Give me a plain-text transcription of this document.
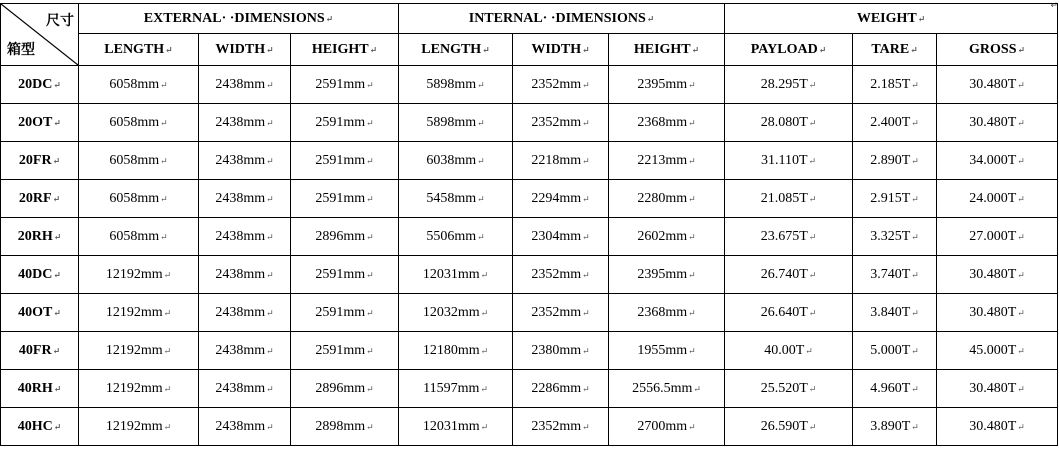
↵
尺寸
箱型	EXTERNAL· ·DIMENSIONS ↵			INTERNAL· ·DIMENSIONS ↵			WEIGHT ↵
	LENGTH ↵	WIDTH ↵	HEIGHT ↵	LENGTH ↵	WIDTH ↵	HEIGHT ↵	PAYLOAD ↵	TARE ↵	GROSS ↵
20DC ↵	6058mm ↵	2438mm ↵	2591mm ↵	5898mm ↵	2352mm ↵	2395mm ↵	28.295T ↵	2.185T ↵	30.480T ↵
20OT ↵	6058mm ↵	2438mm ↵	2591mm ↵	5898mm ↵	2352mm ↵	2368mm ↵	28.080T ↵	2.400T ↵	30.480T ↵
20FR ↵	6058mm ↵	2438mm ↵	2591mm ↵	6038mm ↵	2218mm ↵	2213mm ↵	31.110T ↵	2.890T ↵	34.000T ↵
20RF ↵	6058mm ↵	2438mm ↵	2591mm ↵	5458mm ↵	2294mm ↵	2280mm ↵	21.085T ↵	2.915T ↵	24.000T ↵
20RH ↵	6058mm ↵	2438mm ↵	2896mm ↵	5506mm ↵	2304mm ↵	2602mm ↵	23.675T ↵	3.325T ↵	27.000T ↵
40DC ↵	12192mm ↵	2438mm ↵	2591mm ↵	12031mm ↵	2352mm ↵	2395mm ↵	26.740T ↵	3.740T ↵	30.480T ↵
40OT ↵	12192mm ↵	2438mm ↵	2591mm ↵	12032mm ↵	2352mm ↵	2368mm ↵	26.640T ↵	3.840T ↵	30.480T ↵
40FR ↵	12192mm ↵	2438mm ↵	2591mm ↵	12180mm ↵	2380mm ↵	1955mm ↵	40.00T ↵	5.000T ↵	45.000T ↵
40RH ↵	12192mm ↵	2438mm ↵	2896mm ↵	11597mm ↵	2286mm ↵	2556.5mm ↵	25.520T ↵	4.960T ↵	30.480T ↵
40HC ↵	12192mm ↵	2438mm ↵	2898mm ↵	12031mm ↵	2352mm ↵	2700mm ↵	26.590T ↵	3.890T ↵	30.480T ↵
